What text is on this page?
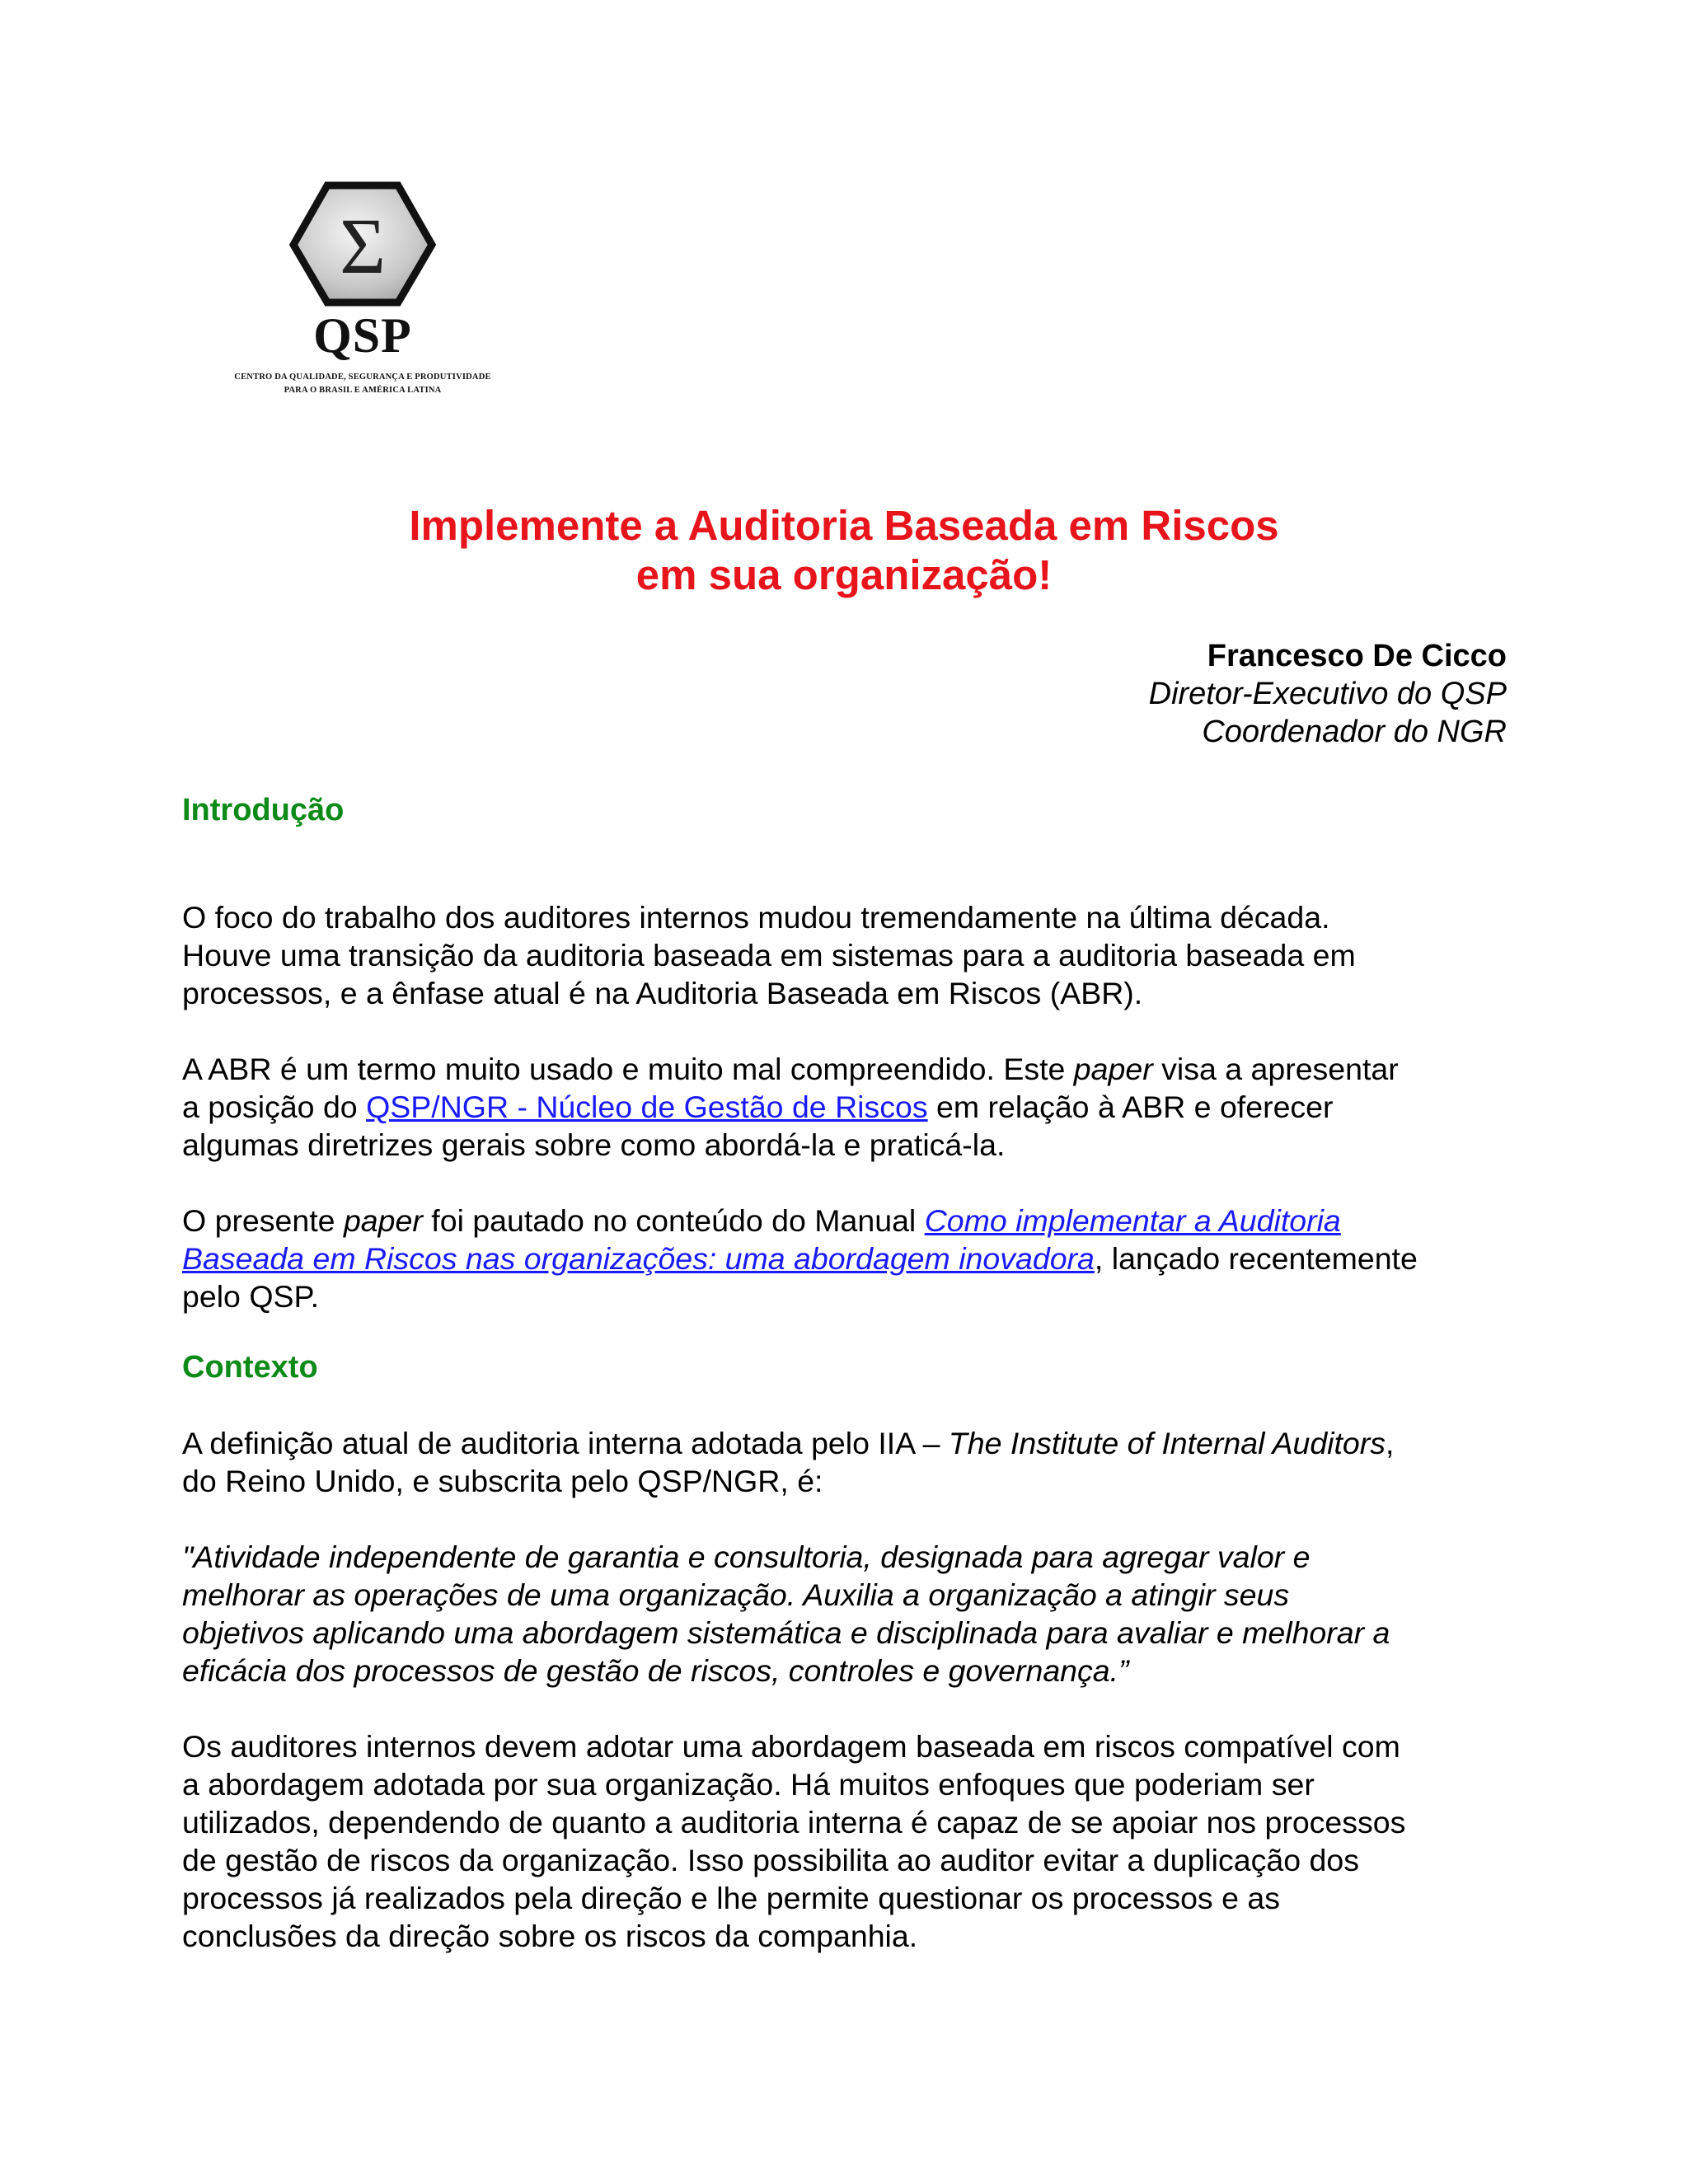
Σ
QSP
CENTRO DA QUALIDADE, SEGURANÇA E PRODUTIVIDADE
PARA O BRASIL E AMÉRICA LATINA
Implemente a Auditoria Baseada em Riscos
em sua organização!
Francesco De Cicco
Diretor-Executivo do QSP
Coordenador do NGR
Introdução

O foco do trabalho dos auditores internos mudou tremendamente na última década.
Houve uma transição da auditoria baseada em sistemas para a auditoria baseada em
processos, e a ênfase atual é na Auditoria Baseada em Riscos (ABR).

A ABR é um termo muito usado e muito mal compreendido. Este paper visa a apresentar
a posição do QSP/NGR - Núcleo de Gestão de Riscos em relação à ABR e oferecer
algumas diretrizes gerais sobre como abordá-la e praticá-la.

O presente paper foi pautado no conteúdo do Manual Como implementar a Auditoria
Baseada em Riscos nas organizações: uma abordagem inovadora, lançado recentemente
pelo QSP.

Contexto

A definição atual de auditoria interna adotada pelo IIA – The Institute of Internal Auditors,
do Reino Unido, e subscrita pelo QSP/NGR, é:

"Atividade independente de garantia e consultoria, designada para agregar valor e
melhorar as operações de uma organização. Auxilia a organização a atingir seus
objetivos aplicando uma abordagem sistemática e disciplinada para avaliar e melhorar a
eficácia dos processos de gestão de riscos, controles e governança.”

Os auditores internos devem adotar uma abordagem baseada em riscos compatível com
a abordagem adotada por sua organização. Há muitos enfoques que poderiam ser
utilizados, dependendo de quanto a auditoria interna é capaz de se apoiar nos processos
de gestão de riscos da organização. Isso possibilita ao auditor evitar a duplicação dos
processos já realizados pela direção e lhe permite questionar os processos e as
conclusões da direção sobre os riscos da companhia.
